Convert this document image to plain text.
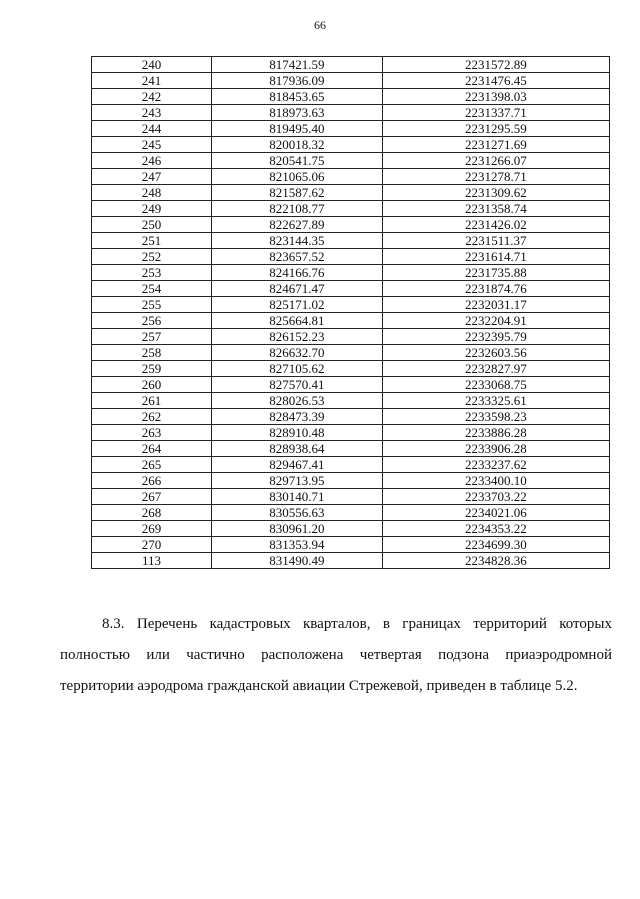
66
240	817421.59	2231572.89
241	817936.09	2231476.45
242	818453.65	2231398.03
243	818973.63	2231337.71
244	819495.40	2231295.59
245	820018.32	2231271.69
246	820541.75	2231266.07
247	821065.06	2231278.71
248	821587.62	2231309.62
249	822108.77	2231358.74
250	822627.89	2231426.02
251	823144.35	2231511.37
252	823657.52	2231614.71
253	824166.76	2231735.88
254	824671.47	2231874.76
255	825171.02	2232031.17
256	825664.81	2232204.91
257	826152.23	2232395.79
258	826632.70	2232603.56
259	827105.62	2232827.97
260	827570.41	2233068.75
261	828026.53	2233325.61
262	828473.39	2233598.23
263	828910.48	2233886.28
264	828938.64	2233906.28
265	829467.41	2233237.62
266	829713.95	2233400.10
267	830140.71	2233703.22
268	830556.63	2234021.06
269	830961.20	2234353.22
270	831353.94	2234699.30
113	831490.49	2234828.36
8.3. Перечень кадастровых кварталов, в границах территорий которых полностью или частично расположена четвертая подзона приаэродромной территории аэродрома гражданской авиации Стрежевой, приведен в таблице 5.2.
